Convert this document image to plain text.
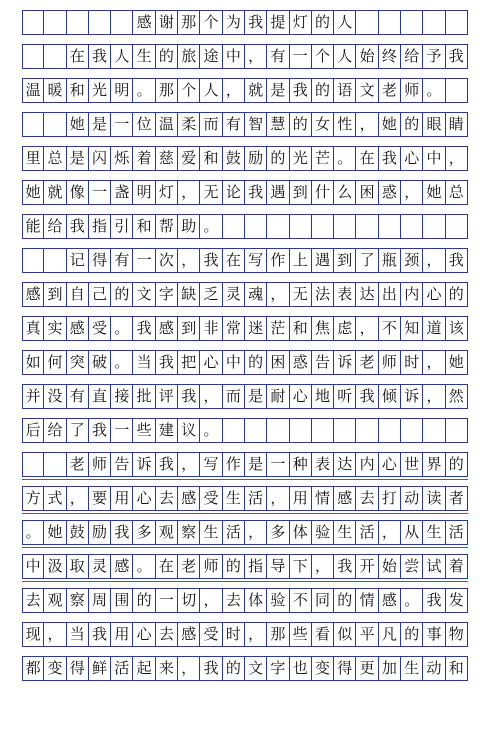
感 谢 那 个 为 我 提 灯 的 人
在 我 人 生 的 旅 途 中 ， 有 一 个 人 始 终 给 予 我
温 暖 和 光 明 。 那 个 人 ， 就 是 我 的 语 文 老 师 。
她 是 一 位 温 柔 而 有 智 慧 的 女 性 ， 她 的 眼 睛
里 总 是 闪 烁 着 慈 爱 和 鼓 励 的 光 芒 。 在 我 心 中 ，
她 就 像 一 盏 明 灯 ， 无 论 我 遇 到 什 么 困 惑 ， 她 总
能 给 我 指 引 和 帮 助 。
记 得 有 一 次 ， 我 在 写 作 上 遇 到 了 瓶 颈 ， 我
感 到 自 己 的 文 字 缺 乏 灵 魂 ， 无 法 表 达 出 内 心 的
真 实 感 受 。 我 感 到 非 常 迷 茫 和 焦 虑 ， 不 知 道 该
如 何 突 破 。 当 我 把 心 中 的 困 惑 告 诉 老 师 时 ， 她
并 没 有 直 接 批 评 我 ， 而 是 耐 心 地 听 我 倾 诉 ， 然
后 给 了 我 一 些 建 议 。
老 师 告 诉 我 ， 写 作 是 一 种 表 达 内 心 世 界 的
方 式 ， 要 用 心 去 感 受 生 活 ， 用 情 感 去 打 动 读 者
。 她 鼓 励 我 多 观 察 生 活 ， 多 体 验 生 活 ， 从 生 活
中 汲 取 灵 感 。 在 老 师 的 指 导 下 ， 我 开 始 尝 试 着
去 观 察 周 围 的 一 切 ， 去 体 验 不 同 的 情 感 。 我 发
现 ， 当 我 用 心 去 感 受 时 ， 那 些 看 似 平 凡 的 事 物
都 变 得 鲜 活 起 来 ， 我 的 文 字 也 变 得 更 加 生 动 和
